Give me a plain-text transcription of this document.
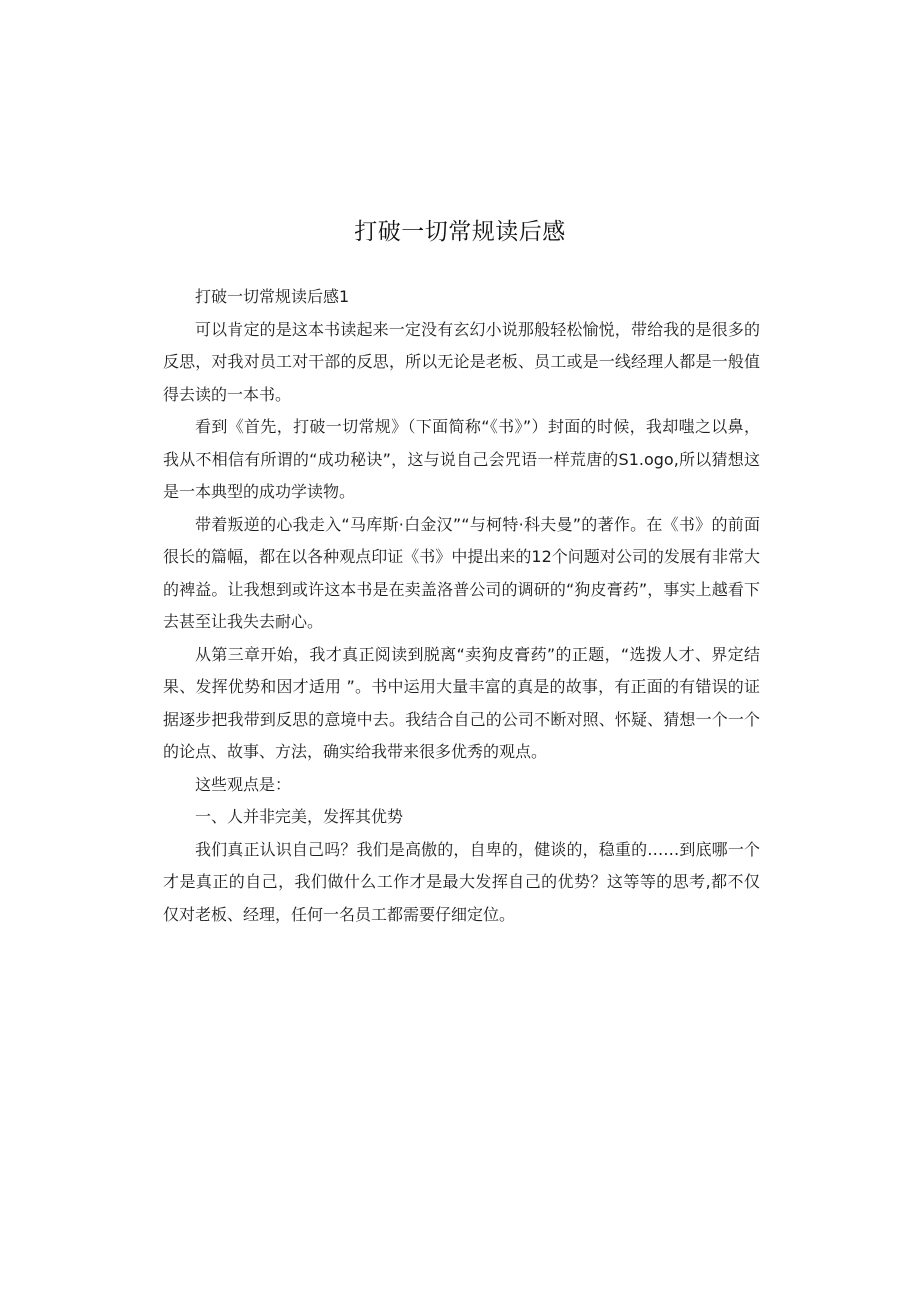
打破一切常规读后感

打破一切常规读后感1

可以肯定的是这本书读起来一定没有玄幻小说那般轻松愉悦，带给我的是很多的反思，对我对员工对干部的反思，所以无论是老板、员工或是一线经理人都是一般值得去读的一本书。

看到《首先，打破一切常规》（下面简称“《书》”）封面的时候，我却嗤之以鼻，我从不相信有所谓的“成功秘诀”，这与说自己会咒语一样荒唐的S1.ogo,所以猜想这是一本典型的成功学读物。

带着叛逆的心我走入“马库斯·白金汉”“与柯特·科夫曼”的著作。在《书》的前面很长的篇幅，都在以各种观点印证《书》中提出来的12个问题对公司的发展有非常大的裨益。让我想到或许这本书是在卖盖洛普公司的调研的“狗皮膏药”，事实上越看下去甚至让我失去耐心。

从第三章开始，我才真正阅读到脱离“卖狗皮膏药”的正题，“选拨人才、界定结果、发挥优势和因才适用 ”。书中运用大量丰富的真是的故事，有正面的有错误的证据逐步把我带到反思的意境中去。我结合自己的公司不断对照、怀疑、猜想一个一个的论点、故事、方法，确实给我带来很多优秀的观点。

这些观点是：

一、人并非完美，发挥其优势

我们真正认识自己吗？我们是高傲的，自卑的，健谈的，稳重的……到底哪一个才是真正的自己，我们做什么工作才是最大发挥自己的优势？这等等的思考,都不仅仅对老板、经理，任何一名员工都需要仔细定位。
